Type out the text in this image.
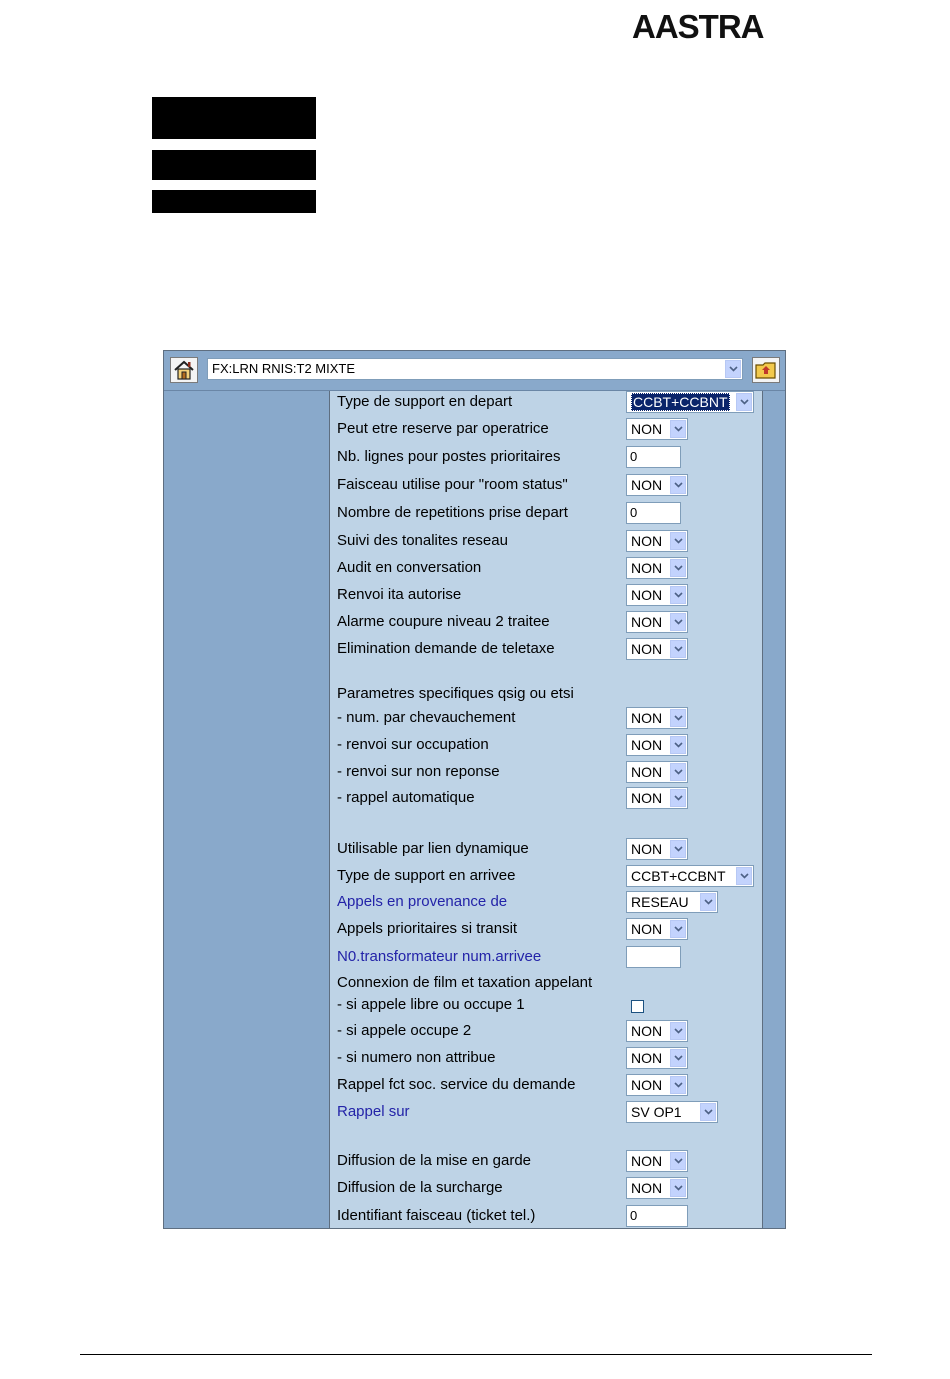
AASTRA
FX:LRN RNIS:T2 MIXTE
Type de support en depart	CCBT+CCBNT
Peut etre reserve par operatrice	NON
Nb. lignes pour postes prioritaires	0
Faisceau utilise pour "room status"	NON
Nombre de repetitions prise depart	0
Suivi des tonalites reseau	NON
Audit en conversation	NON
Renvoi ita autorise	NON
Alarme coupure niveau 2 traitee	NON
Elimination demande de teletaxe	NON
Parametres specifiques qsig ou etsi
- num. par chevauchement	NON
- renvoi sur occupation	NON
- renvoi sur non reponse	NON
- rappel automatique	NON
Utilisable par lien dynamique	NON
Type de support en arrivee	CCBT+CCBNT
Appels en provenance de	RESEAU
Appels prioritaires si transit	NON
N0.transformateur num.arrivee
Connexion de film et taxation appelant
- si appele libre ou occupe 1
- si appele occupe 2	NON
- si numero non attribue	NON
Rappel fct soc. service du demande	NON
Rappel sur	SV OP1
Diffusion de la mise en garde	NON
Diffusion de la surcharge	NON
Identifiant faisceau (ticket tel.)	0
